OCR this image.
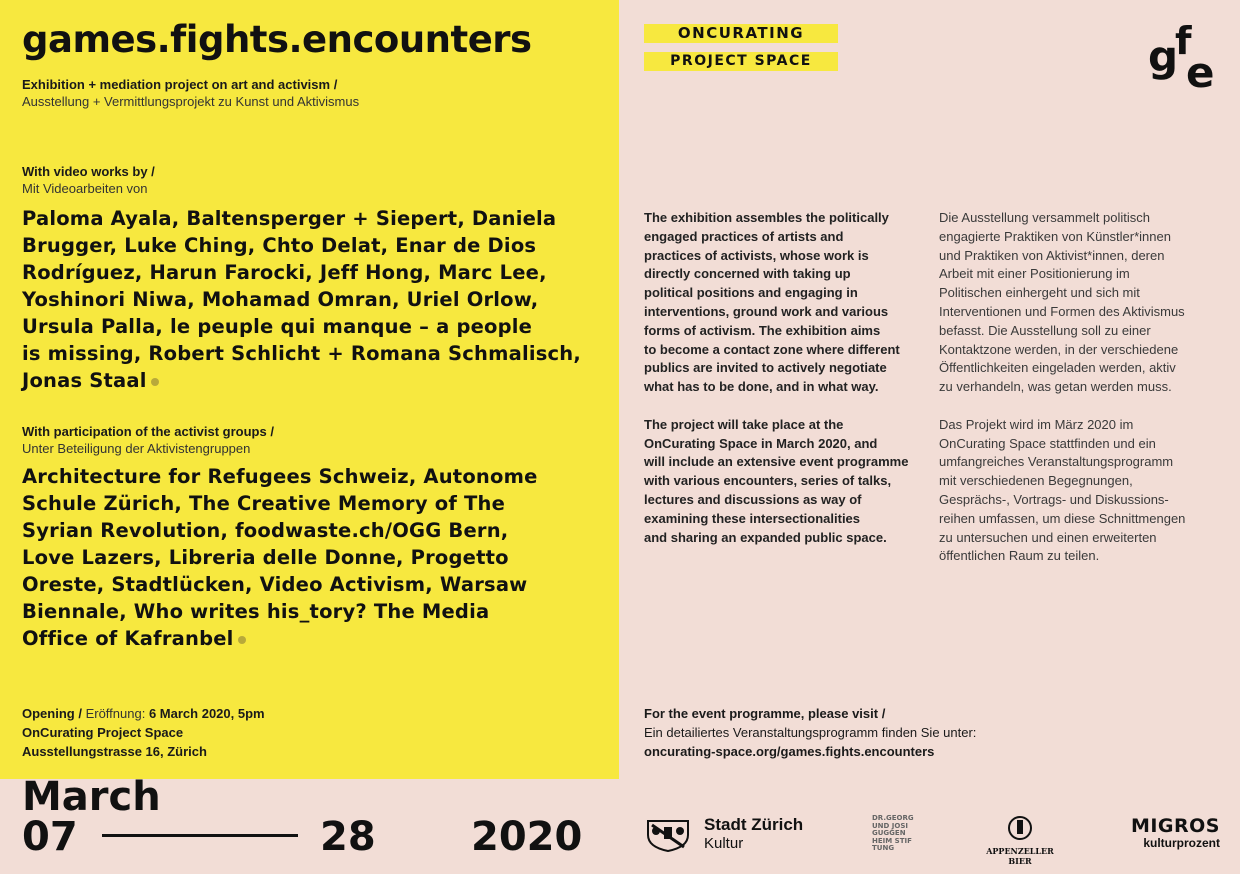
games.fights.encounters
Exhibition + mediation project on art and activism /
Ausstellung + Vermittlungsprojekt zu Kunst und Aktivismus
With video works by /
Mit Videoarbeiten von
Paloma Ayala, Baltensperger + Siepert, Daniela
Brugger, Luke Ching, Chto Delat, Enar de Dios
Rodríguez, Harun Farocki, Jeff Hong, Marc Lee,
Yoshinori Niwa, Mohamad Omran, Uriel Orlow,
Ursula Palla, le peuple qui manque – a people
is missing, Robert Schlicht + Romana Schmalisch,
Jonas Staal
With participation of the activist groups /
Unter Beteiligung der Aktivistengruppen
Architecture for Refugees Schweiz, Autonome
Schule Zürich, The Creative Memory of The
Syrian Revolution, foodwaste.ch/OGG Bern,
Love Lazers, Libreria delle Donne, Progetto
Oreste, Stadtlücken, Video Activism, Warsaw
Biennale, Who writes his_tory? The Media
Office of Kafranbel
Opening / Eröffnung: 6 March 2020, 5pm
OnCurating Project Space
Ausstellungstrasse 16, Zürich
March
07	28 2020
ONCURATING
PROJECT SPACE	g
f
e
The exhibition assembles the politically
engaged practices of artists and
practices of activists, whose work is
directly concerned with taking up
political positions and engaging in
interventions, ground work and various
forms of activism. The exhibition aims
to become a contact zone where different
publics are invited to actively negotiate
what has to be done, and in what way.
The project will take place at the
OnCurating Space in March 2020, and
will include an extensive event programme
with various encounters, series of talks,
lectures and discussions as way of
examining these intersectionalities
and sharing an expanded public space.
Die Ausstellung versammelt politisch
engagierte Praktiken von Künstler*innen
und Praktiken von Aktivist*innen, deren
Arbeit mit einer Positionierung im
Politischen einhergeht und sich mit
Interventionen und Formen des Aktivismus
befasst. Die Ausstellung soll zu einer
Kontaktzone werden, in der verschiedene
Öffentlichkeiten eingeladen werden, aktiv
zu verhandeln, was getan werden muss.
Das Projekt wird im März 2020 im
OnCurating Space stattfinden und ein
umfangreiches Veranstaltungsprogramm
mit verschiedenen Begegnungen,
Gesprächs-, Vortrags- und Diskussions-
reihen umfassen, um diese Schnittmengen
zu untersuchen und einen erweiterten
öffentlichen Raum zu teilen.
For the event programme, please visit /
Ein detailiertes Veranstaltungsprogramm finden Sie unter:
oncurating-space.org/games.fights.encounters
Stadt Zürich
Kultur
DR.GEORG
UND JOSI
GUGGEN
HEIM STIF
TUNG	APPENZELLER BIER
MIGROS
kulturprozent
